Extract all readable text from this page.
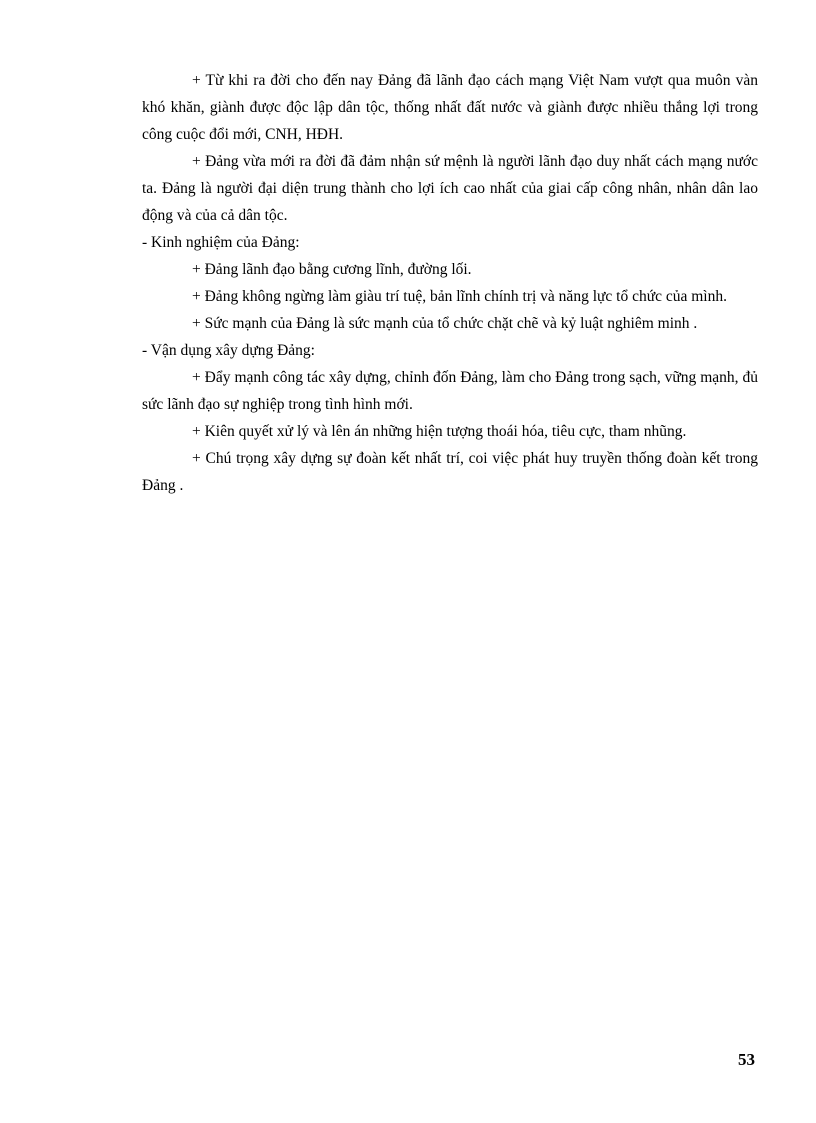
+ Từ khi ra đời cho đến nay Đảng đã lãnh đạo cách mạng Việt Nam vượt qua muôn vàn khó khăn, giành được độc lập dân tộc, thống nhất đất nước và giành được nhiều thắng lợi trong công cuộc đổi mới, CNH, HĐH.

+ Đảng vừa mới ra đời đã đảm nhận sứ mệnh là người lãnh đạo duy nhất cách mạng nước ta. Đảng là người đại diện trung thành cho lợi ích cao nhất của giai cấp công nhân, nhân dân lao động và của cả dân tộc.

- Kinh nghiệm của Đảng:

+ Đảng lãnh đạo bằng cương lĩnh, đường lối.

+ Đảng không ngừng làm giàu trí tuệ, bản lĩnh chính trị và năng lực tổ chức của mình.

+ Sức mạnh của Đảng là sức mạnh của tổ chức chặt chẽ và kỷ luật nghiêm minh .

- Vận dụng xây dựng Đảng:

+ Đẩy mạnh công tác xây dựng, chỉnh đốn Đảng, làm cho Đảng trong sạch, vững mạnh, đủ sức lãnh đạo sự nghiệp trong tình hình mới.

+ Kiên quyết xử lý và lên án những hiện tượng thoái hóa, tiêu cực, tham nhũng.

+ Chú trọng xây dựng sự đoàn kết nhất trí, coi việc phát huy truyền thống đoàn kết trong Đảng .

53
